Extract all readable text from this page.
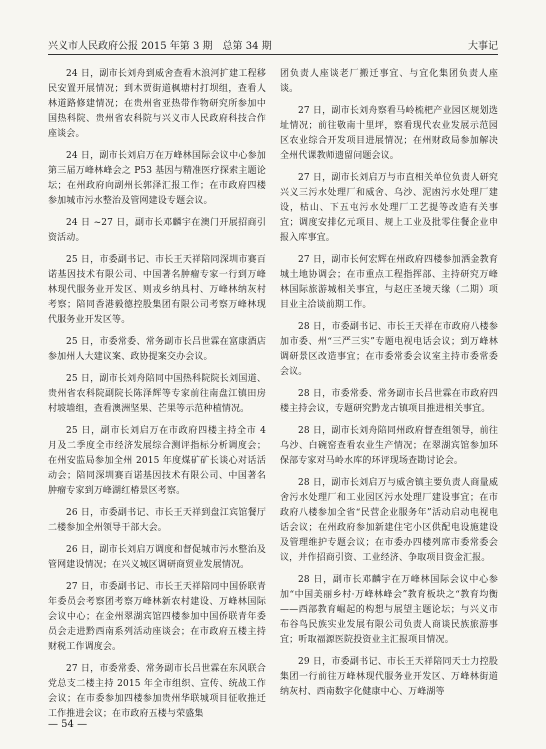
兴义市人民政府公报 2015 年第 3 期　总第 34 期	大事记

24 日，副市长刘舟到威舍查看木浪河扩建工程移民安置开展情况；到木贾街道枫塘村打坝组，查看人林道路修建情况；在贵州省亚热带作物研究所参加中国热科院、贵州省农科院与兴义市人民政府科技合作座谈会。

24 日，副市长刘启万在万峰林国际会议中心参加第三届万峰林峰会之 P53 基因与精准医疗探索主题论坛；在州政府向副州长郭泽汇报工作；在市政府四楼参加城市污水整治及管网建设专题会议。

24 日 ~27 日，副市长邓麟宇在澳门开展招商引资活动。

25 日，市委副书记、市长王天祥陪同深圳市赛百诺基因技术有限公司、中国著名肿瘤专家一行到万峰林现代服务业开发区、则戎乡纳具村、万峰林纳灰村考察；陪同香港毅德控股集团有限公司考察万峰林现代服务业开发区等。

25 日，市委常委、常务副市长吕世霖在富康酒店参加州人大建议案、政协提案交办会议。

25 日，副市长刘舟陪同中国热科院院长刘国道、贵州省农科院副院长陈泽辉等专家前往南盘江镇田房村坡墙组，查看澳洲坚果、芒果等示范种植情况。

25 日，副市长刘启万在市政府四楼主持全市 4 月及二季度全市经济发展综合测评指标分析调度会；在州安监局参加全州 2015 年度煤矿矿长谈心对话活动会；陪同深圳赛百诺基因技术有限公司、中国著名肿瘤专家到万峰湖红椿景区考察。

26 日，市委副书记、市长王天祥到盘江宾馆餐厅二楼参加全州领导干部大会。

26 日，副市长刘启万调度和督促城市污水整治及管网建设情况；在兴义城区调研商贸业发展情况。

27 日，市委副书记、市长王天祥陪同中国侨联青年委员会考察团考察万峰林新农村建设、万峰林国际会议中心；在金州翠湖宾馆四楼参加中国侨联青年委员会走进黔西南系列活动座谈会；在市政府五楼主持财税工作调度会。

27 日，市委常委、常务副市长吕世霖在东风联合党总支二楼主持 2015 年全市组织、宣传、统战工作会议；在市委参加四楼参加贵州华联城项目征收推迁工作推进会议；在市政府五楼与荣盛集

团负责人座谈老厂搬迁事宜、与宜化集团负责人座谈。

27 日，副市长刘舟察看马岭梳杷产业园区规划选址情况；前往敬南十里坪，察看现代农业发展示范园区农业综合开发项目进展情况；在州财政局参加解决全州代课教师遗留问题会议。

27 日，副市长刘启万与市直相关单位负责人研究兴义三污水处理厂和威舍、乌沙、泥凼污水处理厂建设，枯山、下五屯污水处理厂工艺提等改造有关事宜；调度安排亿元项目、规上工业及批零住餐企业申报入库事宜。

27 日，副市长何宏辉在州政府四楼参加洒金教育城土地协调会；在市重点工程指挥部、主持研究万峰林国际旅游城相关事宜，与赵庄圣境天缘（二期）项目业主洽谈前期工作。

28 日，市委副书记、市长王天祥在市政府八楼参加市委、州“三严三实”专题电视电话会议；到万峰林调研景区改造事宜；在市委常委会议室主持市委常委会议。

28 日，市委常委、常务副市长吕世霖在市政府四楼主持会议，专题研究黔龙古镇项目推进相关事宜。

28 日，副市长刘舟陪同州政府督查组领导，前往乌沙、白碗窑查看农业生产情况；在翠湖宾馆参加环保部专家对马岭水库的环评现场查勘讨论会。

28 日，副市长刘启万与威舍镇主要负责人商量威舍污水处理厂和工业园区污水处理厂建设事宜；在市政府八楼参加全省“民营企业服务年”活动启动电视电话会议；在州政府参加新建住宅小区供配电设施建设及管理维护专题会议；在市委办四楼列席市委常委会议，并作招商引资、工业经济、争取项目资金汇报。

28 日，副市长邓麟宇在万峰林国际会议中心参加“中国美丽乡村·万峰林峰会”教育板块之“教育均衡——西部教育崛起的构想与展望主题论坛；与兴义市布谷鸟民族实业发展有限公司负责人商谈民族旅游事宜；听取福源医院投资业主汇报项目情况。

29 日，市委副书记、市长王天祥陪同天士力控股集团一行前往万峰林现代服务业开发区、万峰林街道纳灰村、西南数字化健康中心、万峰湖等

— 54 —
